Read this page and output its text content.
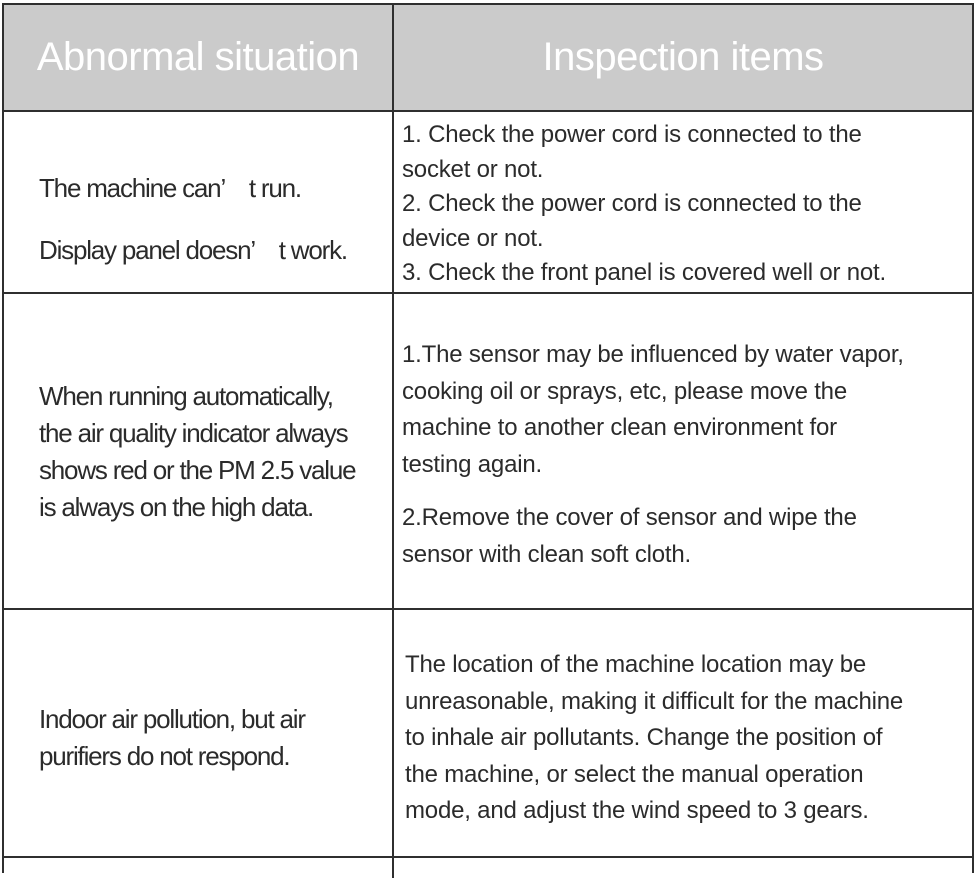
Abnormal situation	Inspection items
The machine can’　t run.
Display panel doesn’　t work.
1. Check the power cord is connected to the
socket or not.
2. Check the power cord is connected to the
device or not.
3. Check the front panel is covered well or not.
When running automatically,
the air quality indicator always
shows red or the PM 2.5 value
is always on the high data.
1.The sensor may be influenced by water vapor,
cooking oil or sprays, etc, please move the
machine to another clean environment for
testing again.
2.Remove the cover of sensor and wipe the
sensor with clean soft cloth.
Indoor air pollution, but air
purifiers do not respond.
The location of the machine location may be
unreasonable, making it difficult for the machine
to inhale air pollutants. Change the position of
the machine, or select the manual operation
mode, and adjust the wind speed to 3 gears.
